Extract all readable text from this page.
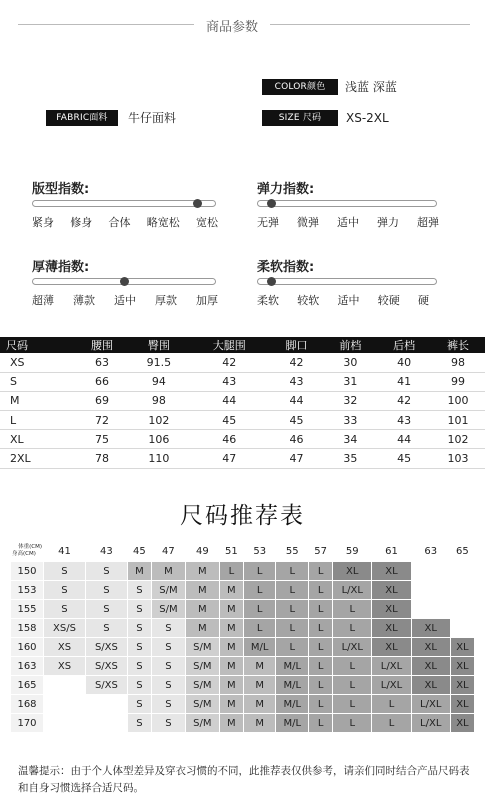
商品参数
COLOR颜色	浅蓝 深蓝
FABRIC面料	牛仔面料	SIZE 尺码	XS-2XL
版型指数:
紧身 修身 合体 略宽松 宽松
弹力指数:
无弹 微弹 适中 弹力 超弹
厚薄指数:
超薄 薄款 适中 厚款 加厚
柔软指数:
柔软 较软 适中 较硬 硬
尺码	腰围	臀围	大腿围	脚口	前档	后档	裤长
XS	63	91.5	42	42	30	40	98
S	66	94	43	43	31	41	99
M	69	98	44	44	32	42	100
L	72	102	45	45	33	43	101
XL	75	106	46	46	34	44	102
2XL	78	110	47	47	35	45	103
尺码推荐表
体重(CM)
身高(CM)	41	43	45	47	49	51	53	55	57	59	61	63	65
150	S	S	M	M	M	L	L	L	L	XL	XL		
153	S	S	S	S/M	M	M	L	L	L	L/XL	XL		
155	S	S	S	S/M	M	M	L	L	L	L	XL		
158	XS/S	S	S	S	M	M	L	L	L	L	XL	XL	
160	XS	S/XS	S	S	S/M	M	M/L	L	L	L/XL	XL	XL	XL
163	XS	S/XS	S	S	S/M	M	M	M/L	L	L	L/XL	XL	XL
165		S/XS	S	S	S/M	M	M	M/L	L	L	L/XL	XL	XL
168			S	S	S/M	M	M	M/L	L	L	L	L/XL	XL
170			S	S	S/M	M	M	M/L	L	L	L	L/XL	XL
温馨提示：由于个人体型差异及穿衣习惯的不同，此推荐表仅供参考，请亲们同时结合产品尺码表和自身习惯选择合适尺码。
